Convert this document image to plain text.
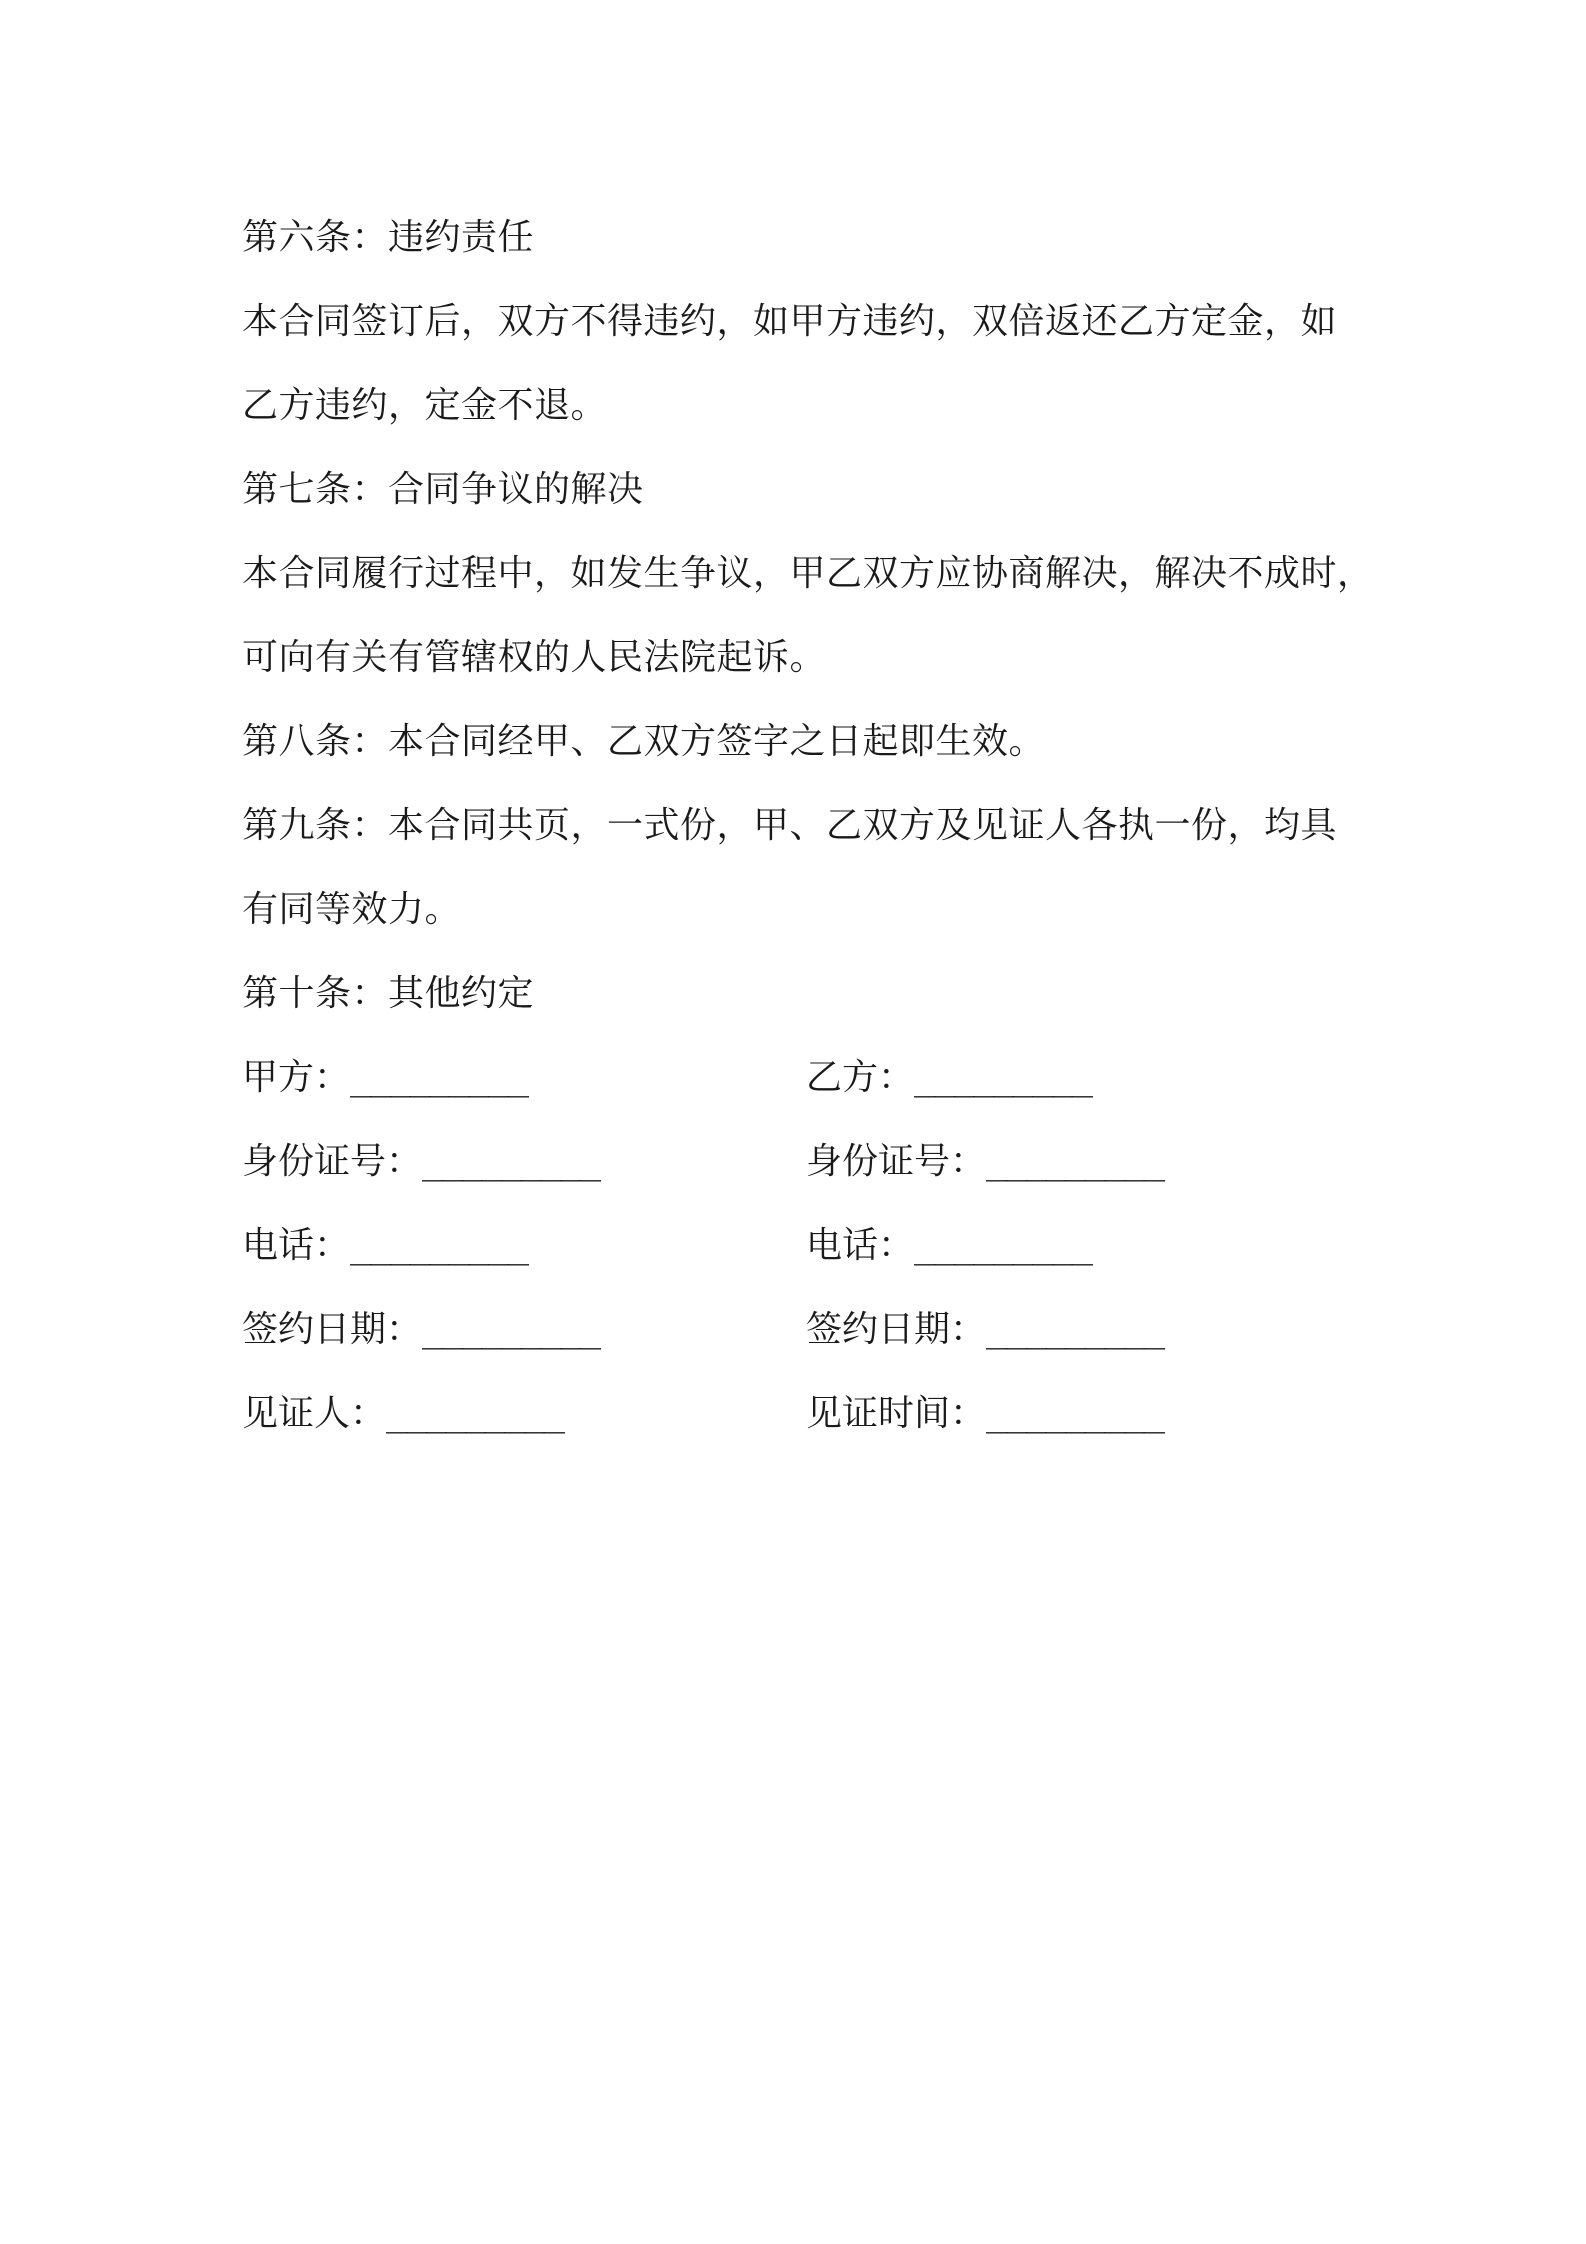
第六条：违约责任
本合同签订后，双方不得违约，如甲方违约，双倍返还乙方定金，如
乙方违约，定金不退。
第七条：合同争议的解决
本合同履行过程中，如发生争议，甲乙双方应协商解决，解决不成时，
可向有关有管辖权的人民法院起诉。
第八条：本合同经甲、乙双方签字之日起即生效。
第九条：本合同共页，一式份，甲、乙双方及见证人各执一份，均具
有同等效力。
第十条：其他约定
甲方：_________	乙方：_________
身份证号：_________	身份证号：_________
电话：_________	电话：_________
签约日期：_________	签约日期：_________
见证人：_________	见证时间：_________
